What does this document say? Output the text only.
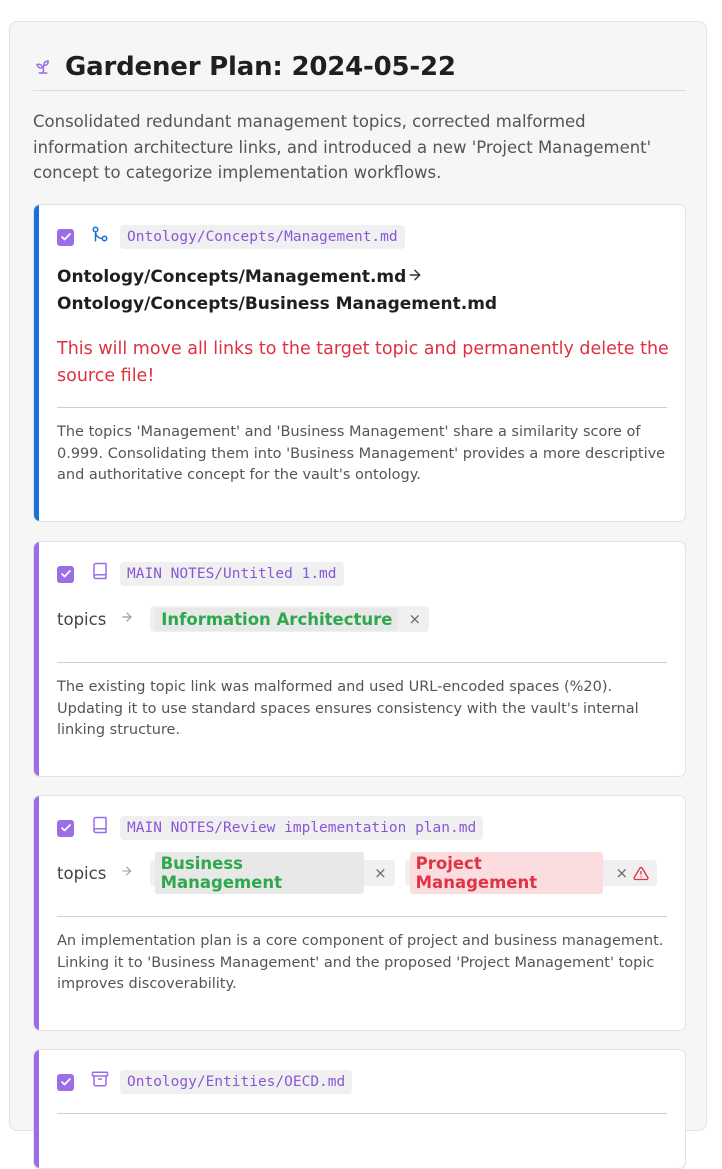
Gardener Plan: 2024-05-22
Consolidated redundant management topics, corrected malformed information architecture links, and introduced a new 'Project Management' concept to categorize implementation workflows.
Ontology/Concepts/Management.md
Ontology/Concepts/Management.mdOntology/Concepts/Business Management.md
This will move all links to the target topic and permanently delete the source file!
The topics 'Management' and 'Business Management' share a similarity score of 0.999. Consolidating them into 'Business Management' provides a more descriptive and authoritative concept for the vault's ontology.
MAIN NOTES/Untitled 1.md
topics	Information Architecture	×
The existing topic link was malformed and used URL-encoded spaces (%20). Updating it to use standard spaces ensures consistency with the vault's internal linking structure.
MAIN NOTES/Review implementation plan.md
topics	Business Management	×	Project Management	×
An implementation plan is a core component of project and business management. Linking it to 'Business Management' and the proposed 'Project Management' topic improves discoverability.
Ontology/Entities/OECD.md
